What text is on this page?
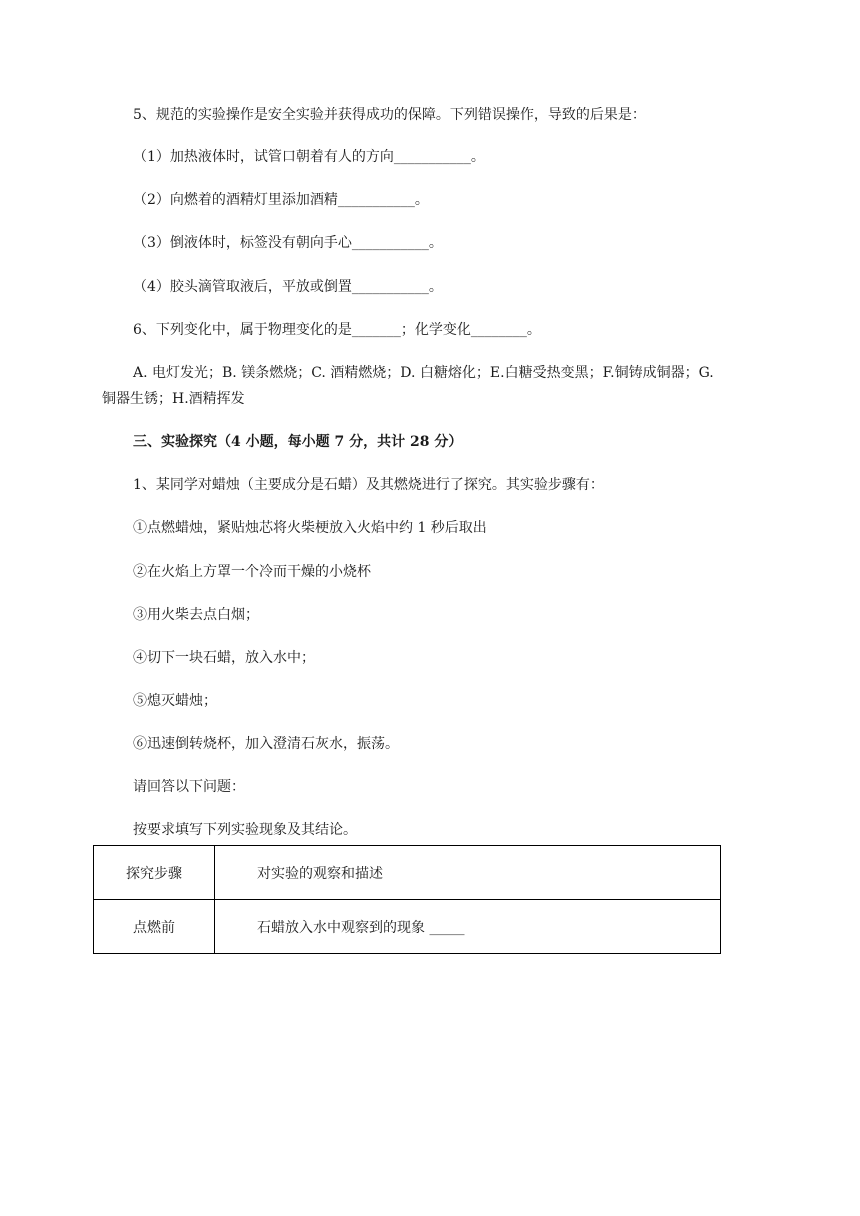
5、规范的实验操作是安全实验并获得成功的保障。下列错误操作，导致的后果是：
（1）加热液体时，试管口朝着有人的方向___________。
（2）向燃着的酒精灯里添加酒精___________。
（3）倒液体时，标签没有朝向手心___________。
（4）胶头滴管取液后，平放或倒置___________。
6、下列变化中，属于物理变化的是_______；化学变化________。
A. 电灯发光；B. 镁条燃烧；C. 酒精燃烧；D. 白糖熔化；E.白糖受热变黑；F.铜铸成铜器；G.
铜器生锈；H.酒精挥发
三、实验探究（4 小题，每小题 7 分，共计 28 分）
1、某同学对蜡烛（主要成分是石蜡）及其燃烧进行了探究。其实验步骤有：
①点燃蜡烛，紧贴烛芯将火柴梗放入火焰中约 1 秒后取出
②在火焰上方罩一个冷而干燥的小烧杯
③用火柴去点白烟；
④切下一块石蜡，放入水中；
⑤熄灭蜡烛；
⑥迅速倒转烧杯，加入澄清石灰水，振荡。
请回答以下问题：
按要求填写下列实验现象及其结论。
探究步骤	对实验的观察和描述
点燃前	石蜡放入水中观察到的现象 _____
